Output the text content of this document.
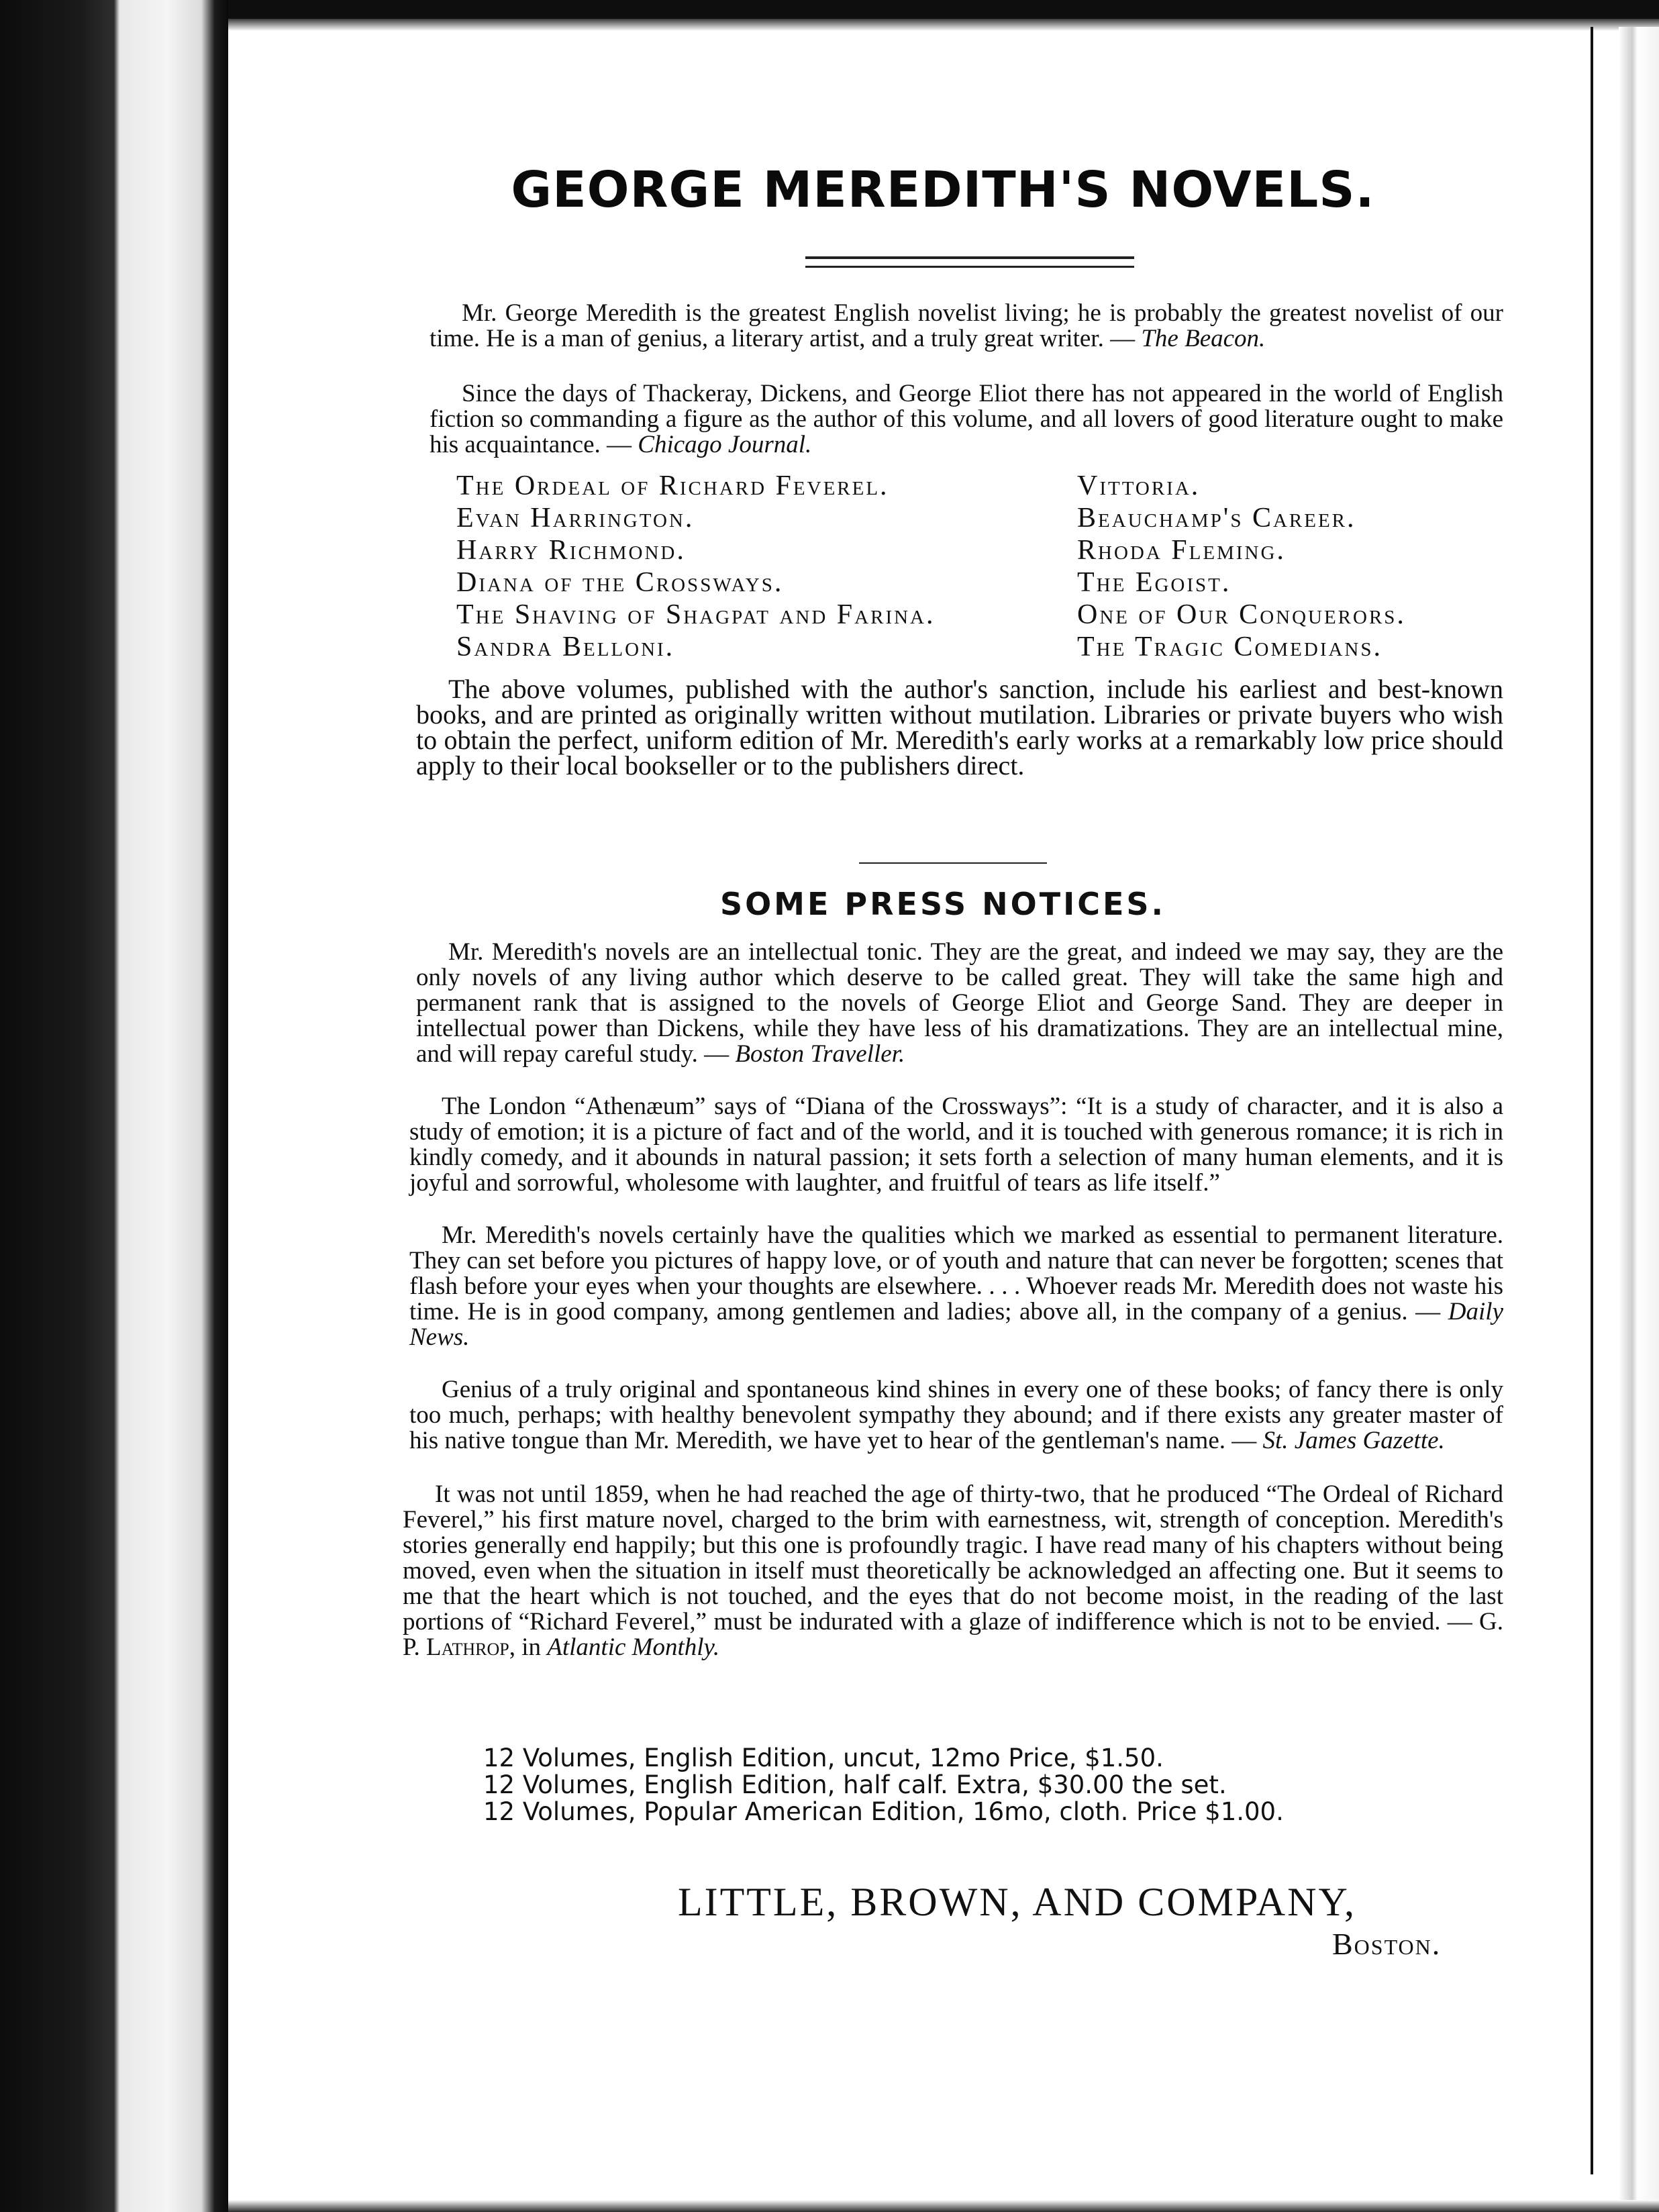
GEORGE MEREDITH'S NOVELS.

Mr. George Meredith is the greatest English novelist living; he is probably the greatest novelist of our time. He is a man of genius, a literary artist, and a truly great writer. — The Beacon.

Since the days of Thackeray, Dickens, and George Eliot there has not appeared in the world of English fiction so commanding a figure as the author of this volume, and all lovers of good literature ought to make his acquaintance. — Chicago Journal.

The Ordeal of Richard Feverel.
Evan Harrington.
Harry Richmond.
Diana of the Crossways.
The Shaving of Shagpat and Farina.
Sandra Belloni.
Vittoria.
Beauchamp's Career.
Rhoda Fleming.
The Egoist.
One of Our Conquerors.
The Tragic Comedians.

The above volumes, published with the author's sanction, include his earliest and best-known books, and are printed as originally written without mutilation. Libraries or private buyers who wish to obtain the perfect, uniform edition of Mr. Meredith's early works at a remarkably low price should apply to their local bookseller or to the publishers direct.

SOME PRESS NOTICES.

Mr. Meredith's novels are an intellectual tonic. They are the great, and indeed we may say, they are the only novels of any living author which deserve to be called great. They will take the same high and permanent rank that is assigned to the novels of George Eliot and George Sand. They are deeper in intellectual power than Dickens, while they have less of his dramatizations. They are an intellectual mine, and will repay careful study. — Boston Traveller.

The London “Athenæum” says of “Diana of the Crossways”: “It is a study of character, and it is also a study of emotion; it is a picture of fact and of the world, and it is touched with generous romance; it is rich in kindly comedy, and it abounds in natural passion; it sets forth a selection of many human elements, and it is joyful and sorrowful, wholesome with laughter, and fruitful of tears as life itself.”

Mr. Meredith's novels certainly have the qualities which we marked as essential to permanent literature. They can set before you pictures of happy love, or of youth and nature that can never be forgotten; scenes that flash before your eyes when your thoughts are elsewhere. . . . Whoever reads Mr. Meredith does not waste his time. He is in good company, among gentlemen and ladies; above all, in the company of a genius. — Daily News.

Genius of a truly original and spontaneous kind shines in every one of these books; of fancy there is only too much, perhaps; with healthy benevolent sympathy they abound; and if there exists any greater master of his native tongue than Mr. Meredith, we have yet to hear of the gentleman's name. — St. James Gazette.

It was not until 1859, when he had reached the age of thirty-two, that he produced “The Ordeal of Richard Feverel,” his first mature novel, charged to the brim with earnestness, wit, strength of conception. Meredith's stories generally end happily; but this one is profoundly tragic. I have read many of his chapters without being moved, even when the situation in itself must theoretically be acknowledged an affecting one. But it seems to me that the heart which is not touched, and the eyes that do not become moist, in the reading of the last portions of “Richard Feverel,” must be indurated with a glaze of indifference which is not to be envied. — G. P. Lathrop, in Atlantic Monthly.

12 Volumes, English Edition, uncut, 12mo Price, $1.50.
12 Volumes, English Edition, half calf. Extra, $30.00 the set.
12 Volumes, Popular American Edition, 16mo, cloth. Price $1.00.
LITTLE, BROWN, AND COMPANY,
Boston.
